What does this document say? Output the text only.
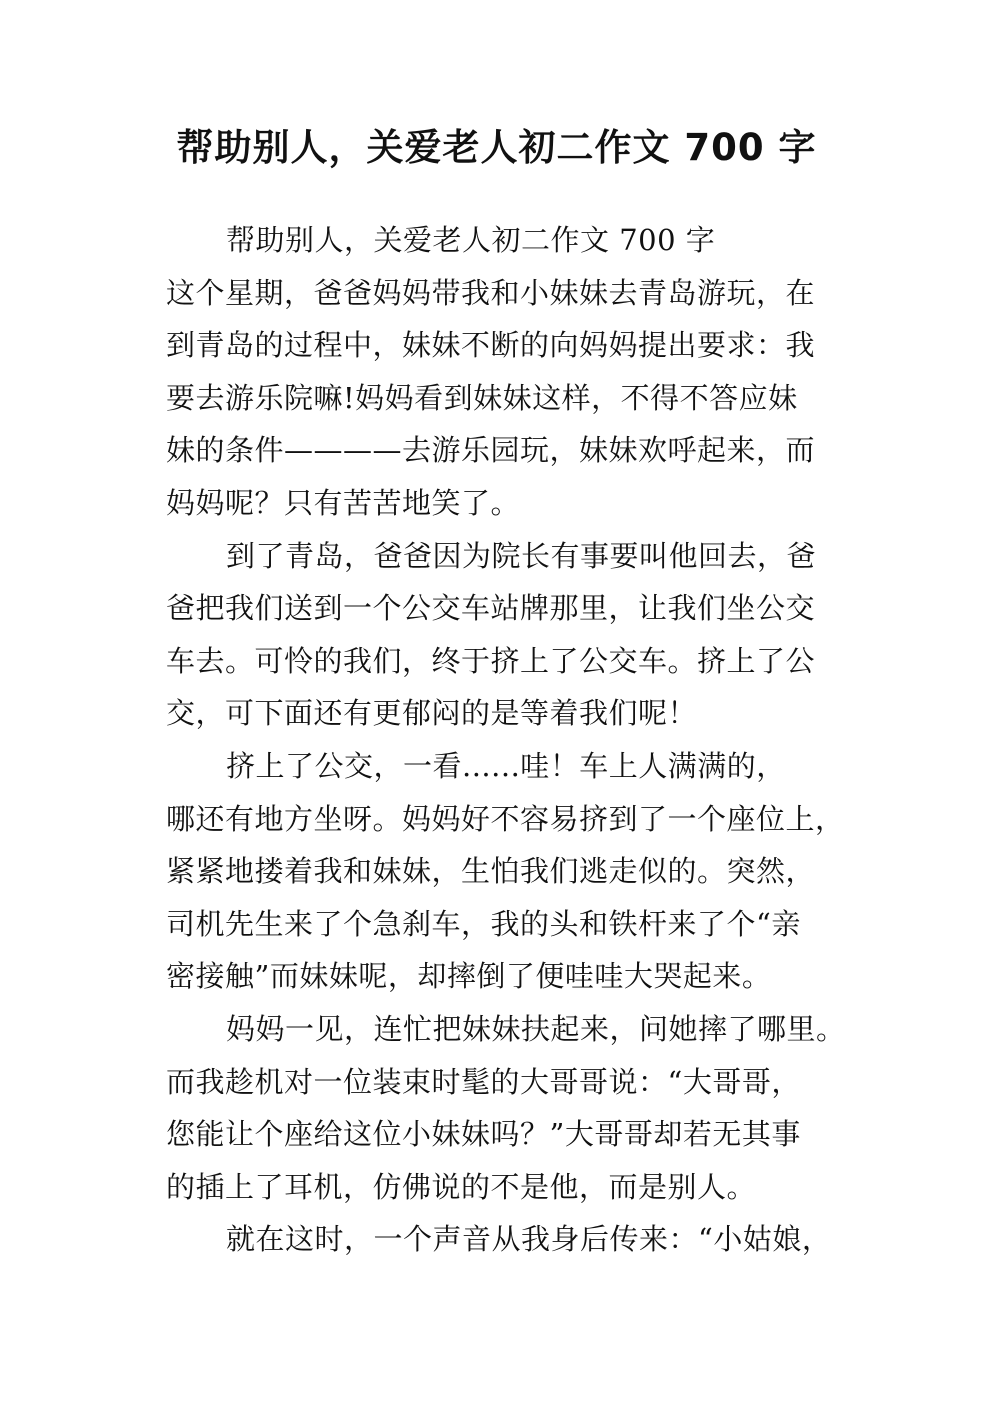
帮助别人，关爱老人初二作文 700 字
帮助别人，关爱老人初二作文 700 字
这个星期，爸爸妈妈带我和小妹妹去青岛游玩，在
到青岛的过程中，妹妹不断的向妈妈提出要求：我
要去游乐院嘛!妈妈看到妹妹这样，不得不答应妹
妹的条件————去游乐园玩，妹妹欢呼起来，而
妈妈呢？只有苦苦地笑了。
到了青岛，爸爸因为院长有事要叫他回去，爸
爸把我们送到一个公交车站牌那里，让我们坐公交
车去。可怜的我们，终于挤上了公交车。挤上了公
交，可下面还有更郁闷的是等着我们呢！
挤上了公交，一看......哇！车上人满满的，
哪还有地方坐呀。妈妈好不容易挤到了一个座位上，
紧紧地搂着我和妹妹，生怕我们逃走似的。突然，
司机先生来了个急刹车，我的头和铁杆来了个“亲
密接触”而妹妹呢，却摔倒了便哇哇大哭起来。
妈妈一见，连忙把妹妹扶起来，问她摔了哪里。
而我趁机对一位装束时髦的大哥哥说：“大哥哥，
您能让个座给这位小妹妹吗？”大哥哥却若无其事
的插上了耳机，仿佛说的不是他，而是别人。
就在这时，一个声音从我身后传来：“小姑娘，
